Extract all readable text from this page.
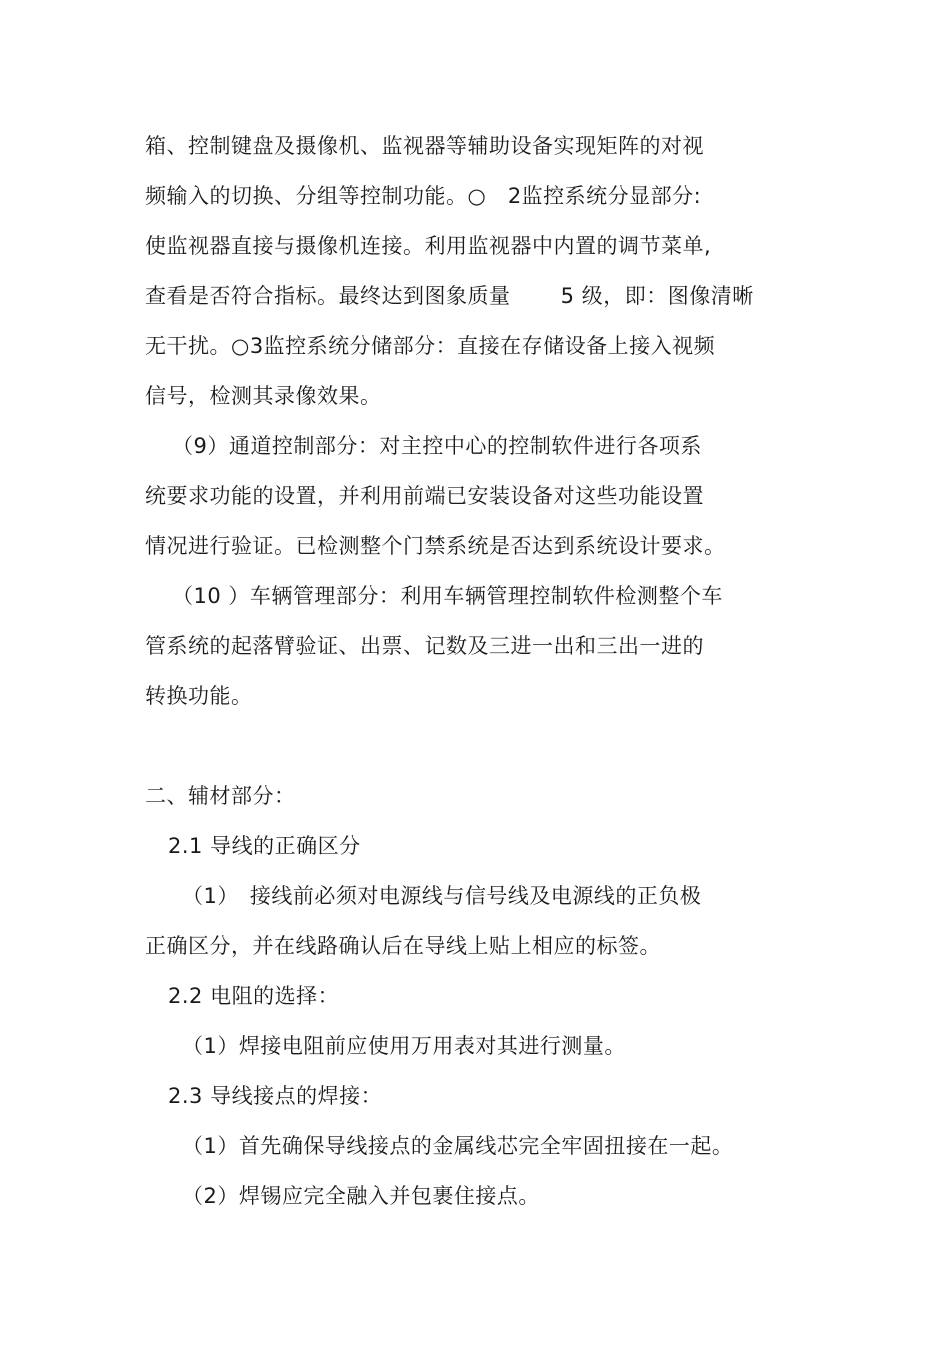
箱、控制键盘及摄像机、监视器等辅助设备实现矩阵的对视
频输入的切换、分组等控制功能。○　2监控系统分显部分:
使监视器直接与摄像机连接。利用监视器中内置的调节菜单,
查看是否符合指标。最终达到图象质量　　 5 级，即：图像清晰
无干扰。○3监控系统分储部分：直接在存储设备上接入视频
信号，检测其录像效果。
（9）通道控制部分：对主控中心的控制软件进行各项系
统要求功能的设置，并利用前端已安装设备对这些功能设置
情况进行验证。已检测整个门禁系统是否达到系统设计要求。
（10 ）车辆管理部分：利用车辆管理控制软件检测整个车
管系统的起落臂验证、出票、记数及三进一出和三出一进的
转换功能。
二、辅材部分：
2.1 导线的正确区分
（1）　接线前必须对电源线与信号线及电源线的正负极
正确区分，并在线路确认后在导线上贴上相应的标签。
2.2 电阻的选择：
（1）焊接电阻前应使用万用表对其进行测量。
2.3 导线接点的焊接：
（1）首先确保导线接点的金属线芯完全牢固扭接在一起。
（2）焊锡应完全融入并包裹住接点。
